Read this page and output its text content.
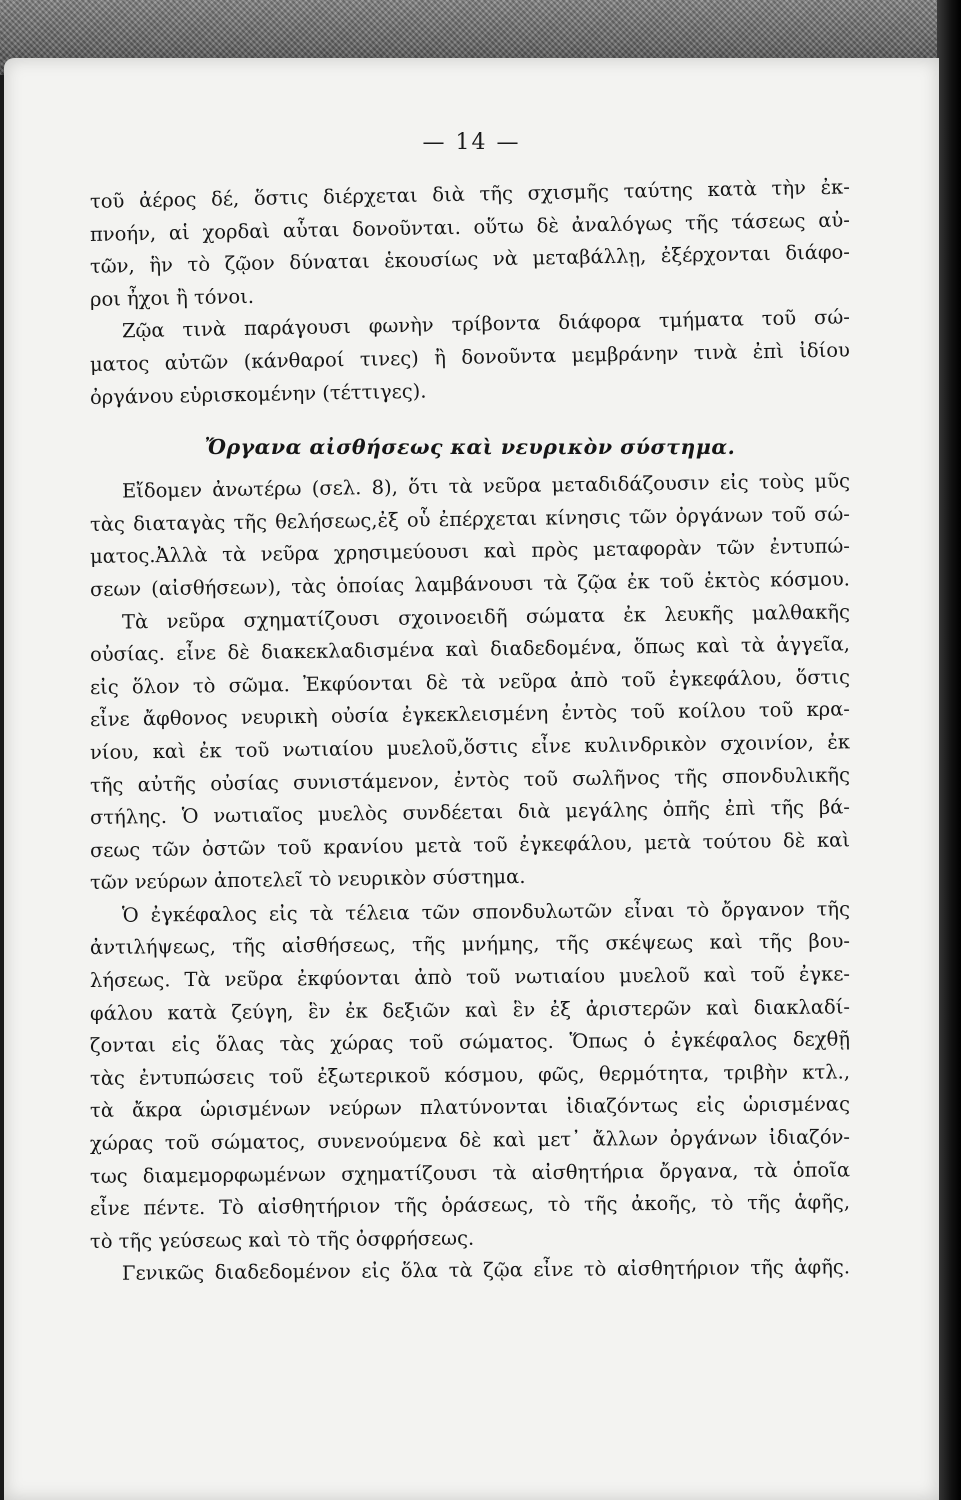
— 14 —
τοῦ ἀέρος δέ, ὅστις διέρχεται διὰ τῆς σχισμῆς ταύτης κατὰ τὴν ἐκ-
πνοήν, αἱ χορδαὶ αὗται δονοῦνται. οὕτω δὲ ἀναλόγως τῆς τάσεως αὐ-
τῶν, ἣν τὸ ζῷον δύναται ἑκουσίως νὰ μεταβάλλῃ, ἐξέρχονται διάφο-
ροι ἦχοι ἢ τόνοι.
Ζῷα τινὰ παράγουσι φωνὴν τρίβοντα διάφορα τμήματα τοῦ σώ-
ματος αὐτῶν (κάνθαροί τινες) ἢ δονοῦντα μεμβράνην τινὰ ἐπὶ ἰδίου
ὀργάνου εὑρισκομένην (τέττιγες).
Ὄργανα αἰσθήσεως καὶ νευρικὸν σύστημα.
Εἴδομεν ἀνωτέρω (σελ. 8), ὅτι τὰ νεῦρα μεταδιδάζουσιν εἰς τοὺς μῦς
τὰς διαταγὰς τῆς θελήσεως,ἐξ οὗ ἐπέρχεται κίνησις τῶν ὀργάνων τοῦ σώ-
ματος.Ἀλλὰ τὰ νεῦρα χρησιμεύουσι καὶ πρὸς μεταφορὰν τῶν ἐντυπώ-
σεων (αἰσθήσεων), τὰς ὁποίας λαμβάνουσι τὰ ζῷα ἐκ τοῦ ἐκτὸς κόσμου.
Τὰ νεῦρα σχηματίζουσι σχοινοειδῆ σώματα ἐκ λευκῆς μαλθακῆς
οὐσίας. εἶνε δὲ διακεκλαδισμένα καὶ διαδεδομένα, ὅπως καὶ τὰ ἀγγεῖα,
εἰς ὅλον τὸ σῶμα. Ἐκφύονται δὲ τὰ νεῦρα ἀπὸ τοῦ ἐγκεφάλου, ὅστις
εἶνε ἄφθονος νευρικὴ οὐσία ἐγκεκλεισμένη ἐντὸς τοῦ κοίλου τοῦ κρα-
νίου, καὶ ἐκ τοῦ νωτιαίου μυελοῦ,ὅστις εἶνε κυλινδρικὸν σχοινίον, ἐκ
τῆς αὐτῆς οὐσίας συνιστάμενον, ἐντὸς τοῦ σωλῆνος τῆς σπονδυλικῆς
στήλης. Ὁ νωτιαῖος μυελὸς συνδέεται διὰ μεγάλης ὀπῆς ἐπὶ τῆς βά-
σεως τῶν ὀστῶν τοῦ κρανίου μετὰ τοῦ ἐγκεφάλου, μετὰ τούτου δὲ καὶ
τῶν νεύρων ἀποτελεῖ τὸ νευρικὸν σύστημα.
Ὁ ἐγκέφαλος εἰς τὰ τέλεια τῶν σπονδυλωτῶν εἶναι τὸ ὄργανον τῆς
ἀντιλήψεως, τῆς αἰσθήσεως, τῆς μνήμης, τῆς σκέψεως καὶ τῆς βου-
λήσεως. Τὰ νεῦρα ἐκφύονται ἀπὸ τοῦ νωτιαίου μυελοῦ καὶ τοῦ ἐγκε-
φάλου κατὰ ζεύγη, ἓν ἐκ δεξιῶν καὶ ἓν ἐξ ἀριστερῶν καὶ διακλαδί-
ζονται εἰς ὅλας τὰς χώρας τοῦ σώματος. Ὅπως ὁ ἐγκέφαλος δεχθῇ
τὰς ἐντυπώσεις τοῦ ἐξωτερικοῦ κόσμου, φῶς, θερμότητα, τριβὴν κτλ.,
τὰ ἄκρα ὡρισμένων νεύρων πλατύνονται ἰδιαζόντως εἰς ὡρισμένας
χώρας τοῦ σώματος, συνενούμενα δὲ καὶ μετ᾽ ἄλλων ὀργάνων ἰδιαζόν-
τως διαμεμορφωμένων σχηματίζουσι τὰ αἰσθητήρια ὄργανα, τὰ ὁποῖα
εἶνε πέντε. Τὸ αἰσθητήριον τῆς ὁράσεως, τὸ τῆς ἀκοῆς, τὸ τῆς ἁφῆς,
τὸ τῆς γεύσεως καὶ τὸ τῆς ὀσφρήσεως.
Γενικῶς διαδεδομένον εἰς ὅλα τὰ ζῷα εἶνε τὸ αἰσθητήριον τῆς ἁφῆς.
